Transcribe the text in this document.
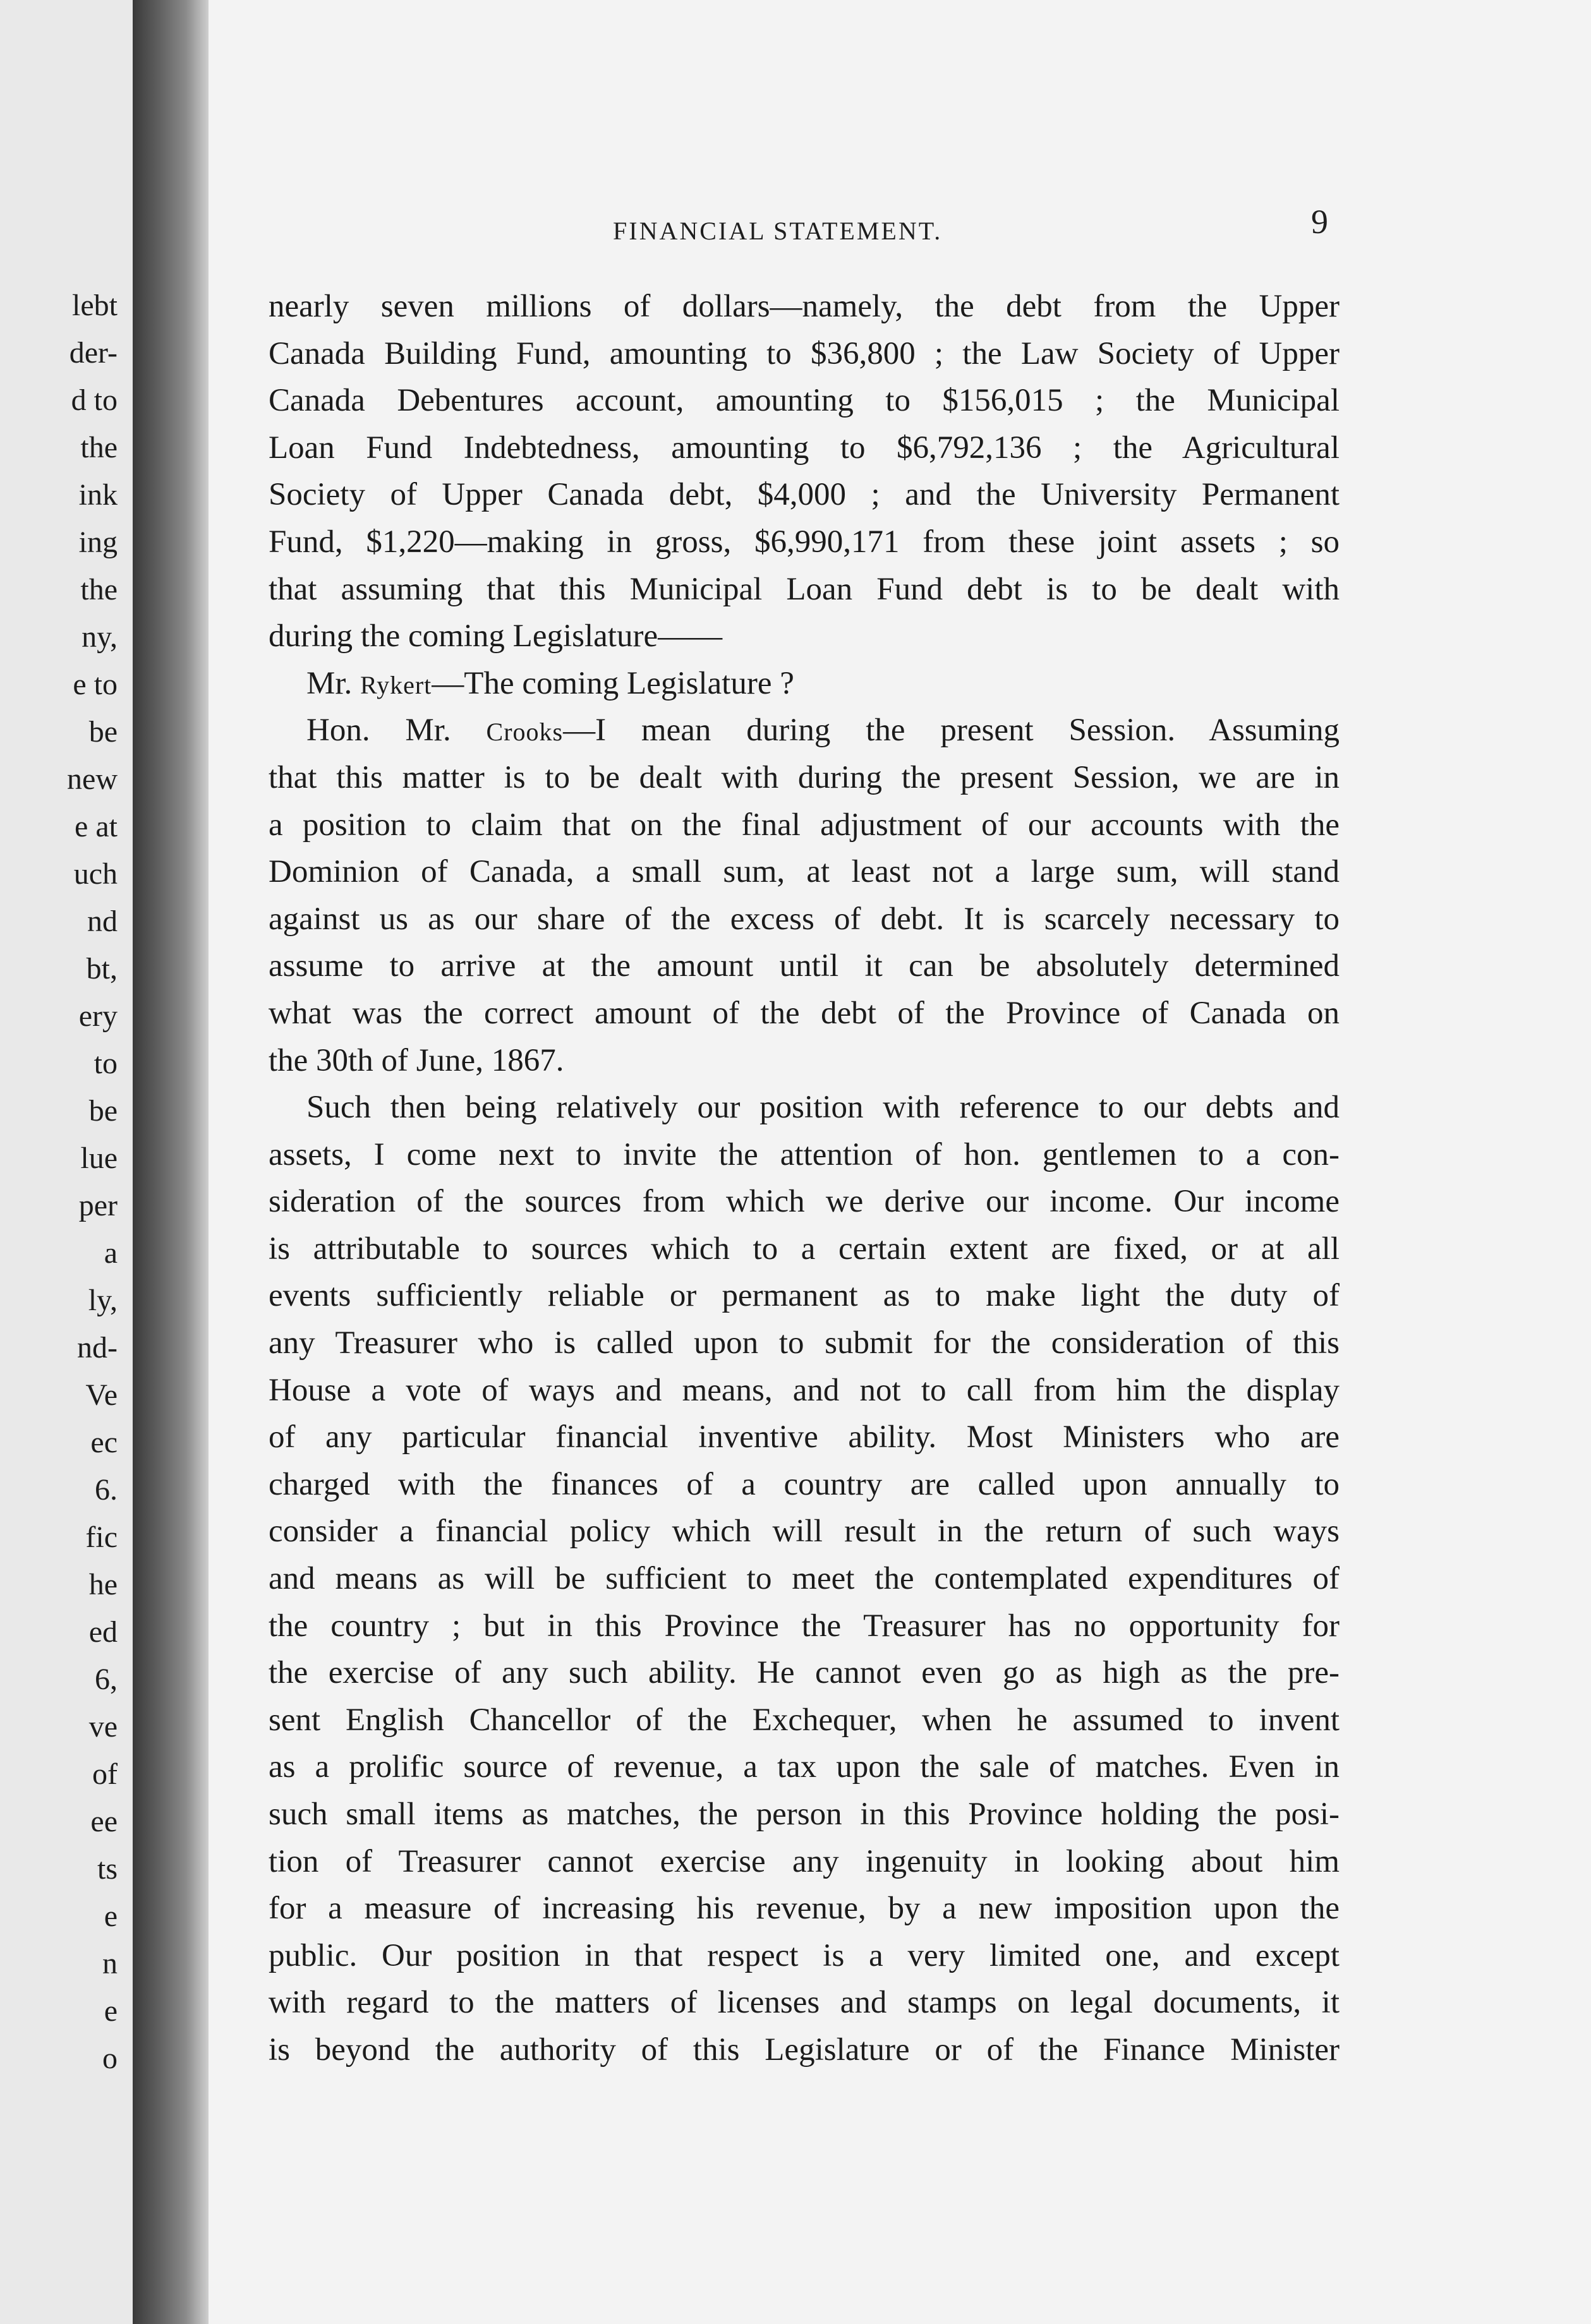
lebt
der-
d to
the
ink
ing
the
ny,
e to
be
new
e at
uch
nd
bt,
ery
to
be
lue
per
a
ly,
nd-
Ve
ec
6.
fic
he
ed
6,
ve
of
ee
ts
e
n
e
o
FINANCIAL STATEMENT.	9
nearly seven millions of dollars—namely, the debt from the Upper
Canada Building Fund, amounting to $36,800 ; the Law Society of Upper
Canada Debentures account, amounting to $156,015 ; the Municipal
Loan Fund Indebtedness, amounting to $6,792,136 ; the Agricultural
Society of Upper Canada debt, $4,000 ; and the University Permanent
Fund, $1,220—making in gross, $6,990,171 from these joint assets ; so
that assuming that this Municipal Loan Fund debt is to be dealt with
during the coming Legislature——
Mr. Rykert—The coming Legislature ?
Hon. Mr. Crooks—I mean during the present Session. Assuming
that this matter is to be dealt with during the present Session, we are in
a position to claim that on the final adjustment of our accounts with the
Dominion of Canada, a small sum, at least not a large sum, will stand
against us as our share of the excess of debt. It is scarcely necessary to
assume to arrive at the amount until it can be absolutely determined
what was the correct amount of the debt of the Province of Canada on
the 30th of June, 1867.
Such then being relatively our position with reference to our debts and
assets, I come next to invite the attention of hon. gentlemen to a con-
sideration of the sources from which we derive our income. Our income
is attributable to sources which to a certain extent are fixed, or at all
events sufficiently reliable or permanent as to make light the duty of
any Treasurer who is called upon to submit for the consideration of this
House a vote of ways and means, and not to call from him the display
of any particular financial inventive ability. Most Ministers who are
charged with the finances of a country are called upon annually to
consider a financial policy which will result in the return of such ways
and means as will be sufficient to meet the contemplated expenditures of
the country ; but in this Province the Treasurer has no opportunity for
the exercise of any such ability. He cannot even go as high as the pre-
sent English Chancellor of the Exchequer, when he assumed to invent
as a prolific source of revenue, a tax upon the sale of matches. Even in
such small items as matches, the person in this Province holding the posi-
tion of Treasurer cannot exercise any ingenuity in looking about him
for a measure of increasing his revenue, by a new imposition upon the
public. Our position in that respect is a very limited one, and except
with regard to the matters of licenses and stamps on legal documents, it
is beyond the authority of this Legislature or of the Finance Minister
